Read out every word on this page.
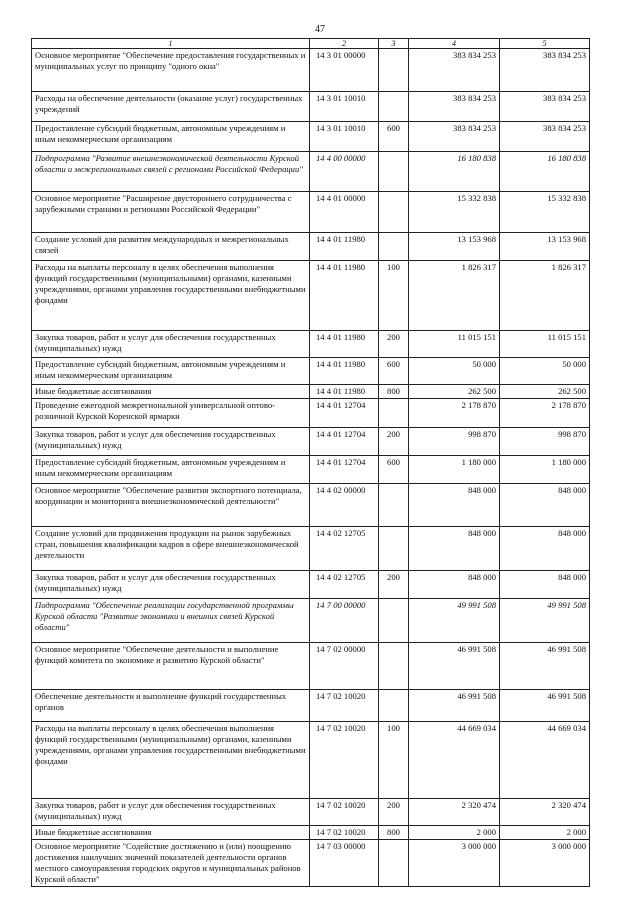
47
1	2	3	4	5
Основное мероприятие "Обеспечение предоставления государственных и муниципальных услуг по принципу "одного окна"	14 3 01 00000		383 834 253	383 834 253
Расходы на обеспечение деятельности (оказание услуг) государственных учреждений	14 3 01 10010		383 834 253	383 834 253
Предоставление субсидий бюджетным, автономным учреждениям и иным некоммерческим организациям	14 3 01 10010	600	383 834 253	383 834 253
Подпрограмма "Развитие внешнеэкономической деятельности Курской области и межрегиональных связей с регионами Российской Федерации"	14 4 00 00000		16 180 838	16 180 838
Основное мероприятие "Расширение двустороннего сотрудничества с зарубежными странами и регионами Российской Федерации"	14 4 01 00000		15 332 838	15 332 838
Создание условий для развития международных и межрегиональных связей	14 4 01 11980		13 153 968	13 153 968
Расходы на выплаты персоналу в целях обеспечения выполнения функций государственными (муниципальными) органами, казенными учреждениями, органами управления государственными внебюджетными фондами	14 4 01 11980	100	1 826 317	1 826 317
Закупка товаров, работ и услуг для обеспечения государственных (муниципальных) нужд	14 4 01 11980	200	11 015 151	11 015 151
Предоставление субсидий бюджетным, автономным учреждениям и иным некоммерческим организациям	14 4 01 11980	600	50 000	50 000
Иные бюджетные ассигнования	14 4 01 11980	800	262 500	262 500
Проведение ежегодной межрегиональной универсальной оптово-розничной Курской Коренской ярмарки	14 4 01 12704		2 178 870	2 178 870
Закупка товаров, работ и услуг для обеспечения государственных (муниципальных) нужд	14 4 01 12704	200	998 870	998 870
Предоставление субсидий бюджетным, автономным учреждениям и иным некоммерческим организациям	14 4 01 12704	600	1 180 000	1 180 000
Основное мероприятие "Обеспечение развития экспортного потенциала, координации и мониторинга внешнеэкономической деятельности"	14 4 02 00000		848 000	848 000
Создание условий для продвижения продукции на рынок зарубежных стран, повышения квалификации кадров в сфере внешнеэкономической деятельности	14 4 02 12705		848 000	848 000
Закупка товаров, работ и услуг для обеспечения государственных (муниципальных) нужд	14 4 02 12705	200	848 000	848 000
Подпрограмма "Обеспечение реализации государственной программы Курской области "Развитие экономики и внешних связей Курской области"	14 7 00 00000		49 991 508	49 991 508
Основное мероприятие "Обеспечение деятельности и выполнение функций комитета по экономике и развитию Курской области"	14 7 02 00000		46 991 508	46 991 508
Обеспечение деятельности и выполнение функций государственных органов	14 7 02 10020		46 991 508	46 991 508
Расходы на выплаты персоналу в целях обеспечения выполнения функций государственными (муниципальными) органами, казенными учреждениями, органами управления государственными внебюджетными фондами	14 7 02 10020	100	44 669 034	44 669 034
Закупка товаров, работ и услуг для обеспечения государственных (муниципальных) нужд	14 7 02 10020	200	2 320 474	2 320 474
Иные бюджетные ассигнования	14 7 02 10020	800	2 000	2 000
Основное мероприятие "Содействие достижению и (или) поощрению достижения наилучших значений показателей деятельности органов местного самоуправления городских округов и муниципальных районов Курской области"	14 7 03 00000		3 000 000	3 000 000
